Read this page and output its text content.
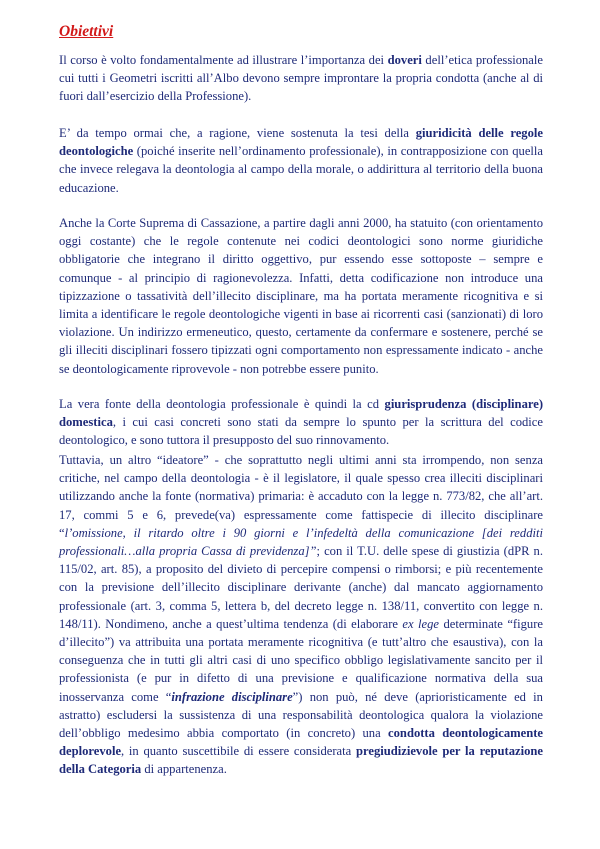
Obiettivi

Il corso è volto fondamentalmente ad illustrare l’importanza dei doveri dell’etica professionale cui tutti i Geometri iscritti all’Albo devono sempre improntare la propria condotta (anche al di fuori dall’esercizio della Professione).

E’ da tempo ormai che, a ragione, viene sostenuta la tesi della giuridicità delle regole deontologiche (poiché inserite nell’ordinamento professionale), in contrapposizione con quella che invece relegava la deontologia al campo della morale, o addirittura al territorio della buona educazione.

Anche la Corte Suprema di Cassazione, a partire dagli anni 2000, ha statuito (con orientamento oggi costante) che le regole contenute nei codici deontologici sono norme giuridiche obbligatorie che integrano il diritto oggettivo, pur essendo esse sottoposte – sempre e comunque - al principio di ragionevolezza. Infatti, detta codificazione non introduce una tipizzazione o tassatività dell’illecito disciplinare, ma ha portata meramente ricognitiva e si limita a identificare le regole deontologiche vigenti in base ai ricorrenti casi (sanzionati) di loro violazione. Un indirizzo ermeneutico, questo, certamente da confermare e sostenere, perché se gli illeciti disciplinari fossero tipizzati ogni comportamento non espressamente indicato - anche se deontologicamente riprovevole - non potrebbe essere punito.

La vera fonte della deontologia professionale è quindi la cd giurisprudenza (disciplinare) domestica, i cui casi concreti sono stati da sempre lo spunto per la scrittura del codice deontologico, e sono tuttora il presupposto del suo rinnovamento.

Tuttavia, un altro “ideatore” - che soprattutto negli ultimi anni sta irrompendo, non senza critiche, nel campo della deontologia - è il legislatore, il quale spesso crea illeciti disciplinari utilizzando anche la fonte (normativa) primaria: è accaduto con la legge n. 773/82, che all’art. 17, commi 5 e 6, prevede(va) espressamente come fattispecie di illecito disciplinare “l’omissione, il ritardo oltre i 90 giorni e l’infedeltà della comunicazione [dei redditi professionali…alla propria Cassa di previdenza]”; con il T.U. delle spese di giustizia (dPR n. 115/02, art. 85), a proposito del divieto di percepire compensi o rimborsi; e più recentemente con la previsione dell’illecito disciplinare derivante (anche) dal mancato aggiornamento professionale (art. 3, comma 5, lettera b, del decreto legge n. 138/11, convertito con legge n. 148/11). Nondimeno, anche a quest’ultima tendenza (di elaborare ex lege determinate “figure d’illecito”) va attribuita una portata meramente ricognitiva (e tutt’altro che esaustiva), con la conseguenza che in tutti gli altri casi di uno specifico obbligo legislativamente sancito per il professionista (e pur in difetto di una previsione e qualificazione normativa della sua inosservanza come “infrazione disciplinare”) non può, né deve (aprioristicamente ed in astratto) escludersi la sussistenza di una responsabilità deontologica qualora la violazione dell’obbligo medesimo abbia comportato (in concreto) una condotta deontologicamente deplorevole, in quanto suscettibile di essere considerata pregiudizievole per la reputazione della Categoria di appartenenza.
